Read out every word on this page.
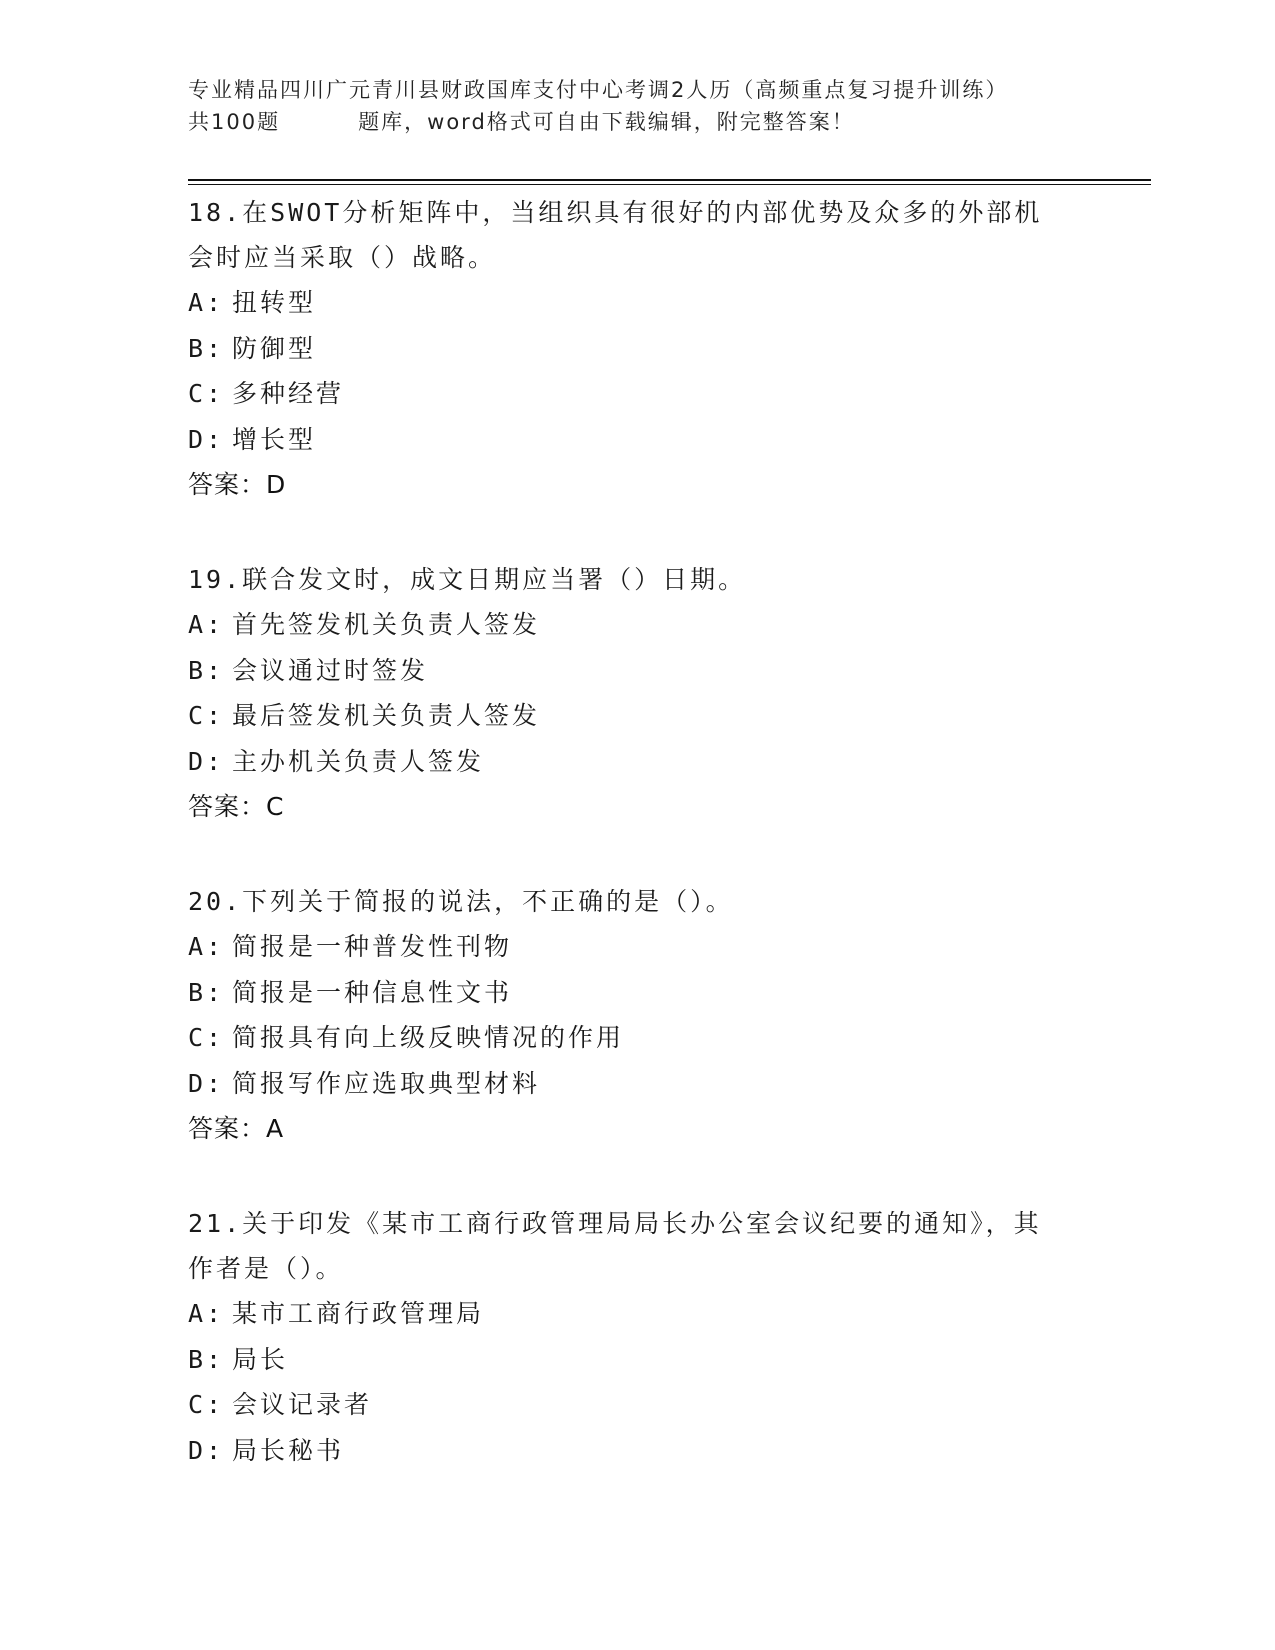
专业精品四川广元青川县财政国库支付中心考调2人历（高频重点复习提升训练）
共100题         题库，word格式可自由下载编辑，附完整答案！
18.在SWOT分析矩阵中，当组织具有很好的内部优势及众多的外部机
会时应当采取（）战略。
A: 扭转型
B: 防御型
C: 多种经营
D: 增长型
答案：D
19.联合发文时，成文日期应当署（）日期。
A: 首先签发机关负责人签发
B: 会议通过时签发
C: 最后签发机关负责人签发
D: 主办机关负责人签发
答案：C
20.下列关于简报的说法，不正确的是（）。
A: 简报是一种普发性刊物
B: 简报是一种信息性文书
C: 简报具有向上级反映情况的作用
D: 简报写作应选取典型材料
答案：A
21.关于印发《某市工商行政管理局局长办公室会议纪要的通知》，其
作者是（）。
A: 某市工商行政管理局
B: 局长
C: 会议记录者
D: 局长秘书
